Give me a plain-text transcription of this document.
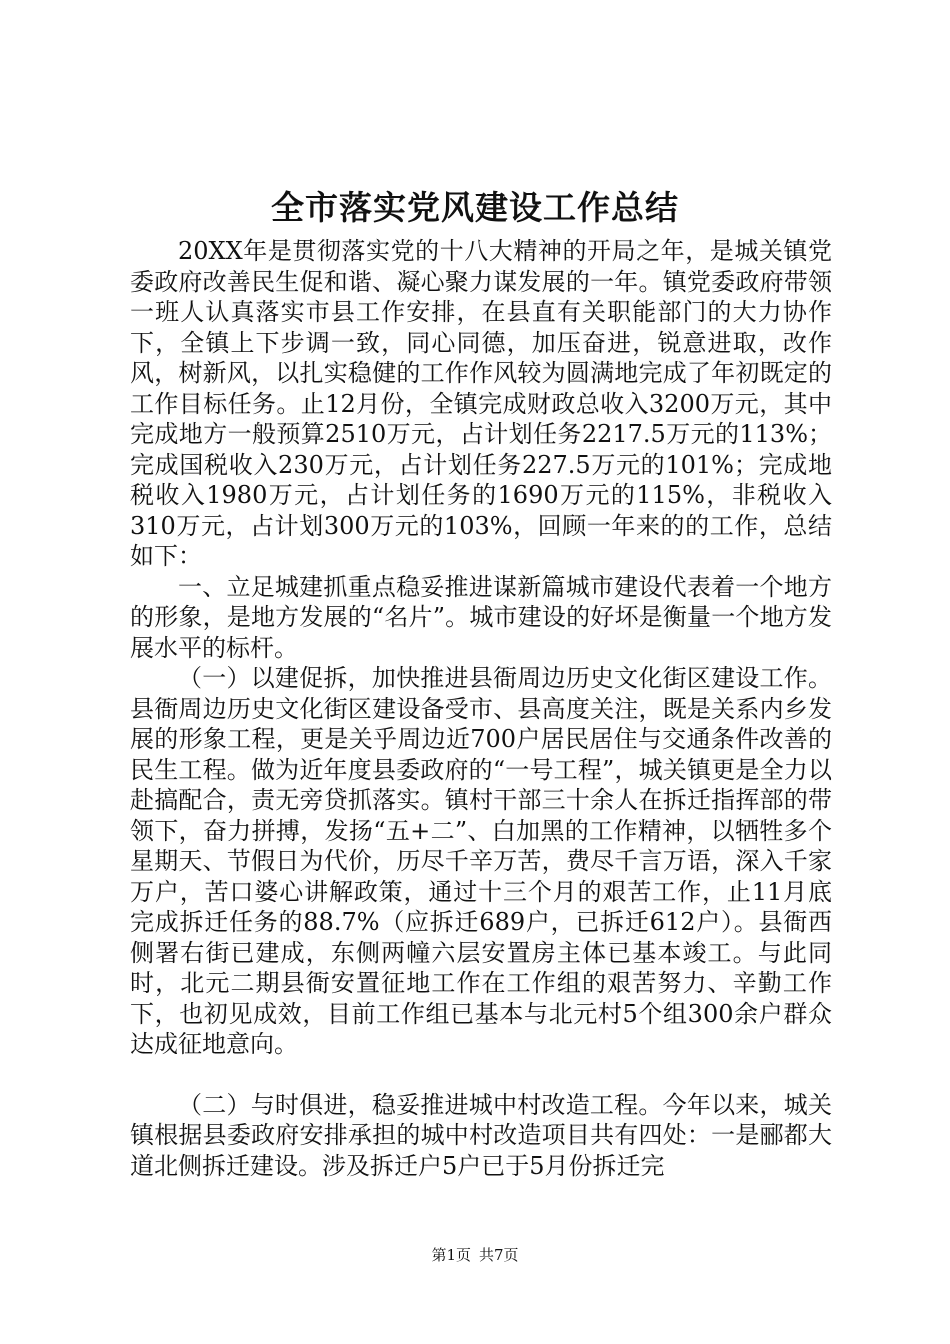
全市落实党风建设工作总结

20XX年是贯彻落实党的十八大精神的开局之年，是城关镇党委政府改善民生促和谐、凝心聚力谋发展的一年。镇党委政府带领一班人认真落实市县工作安排，在县直有关职能部门的大力协作下，全镇上下步调一致，同心同德，加压奋进，锐意进取，改作风，树新风，以扎实稳健的工作作风较为圆满地完成了年初既定的工作目标任务。止12月份，全镇完成财政总收入3200万元，其中完成地方一般预算2510万元，占计划任务2217.5万元的113%；完成国税收入230万元，占计划任务227.5万元的101%；完成地税收入1980万元，占计划任务的1690万元的115%，非税收入310万元，占计划300万元的103%，回顾一年来的的工作，总结如下：

一、立足城建抓重点稳妥推进谋新篇城市建设代表着一个地方的形象，是地方发展的“名片”。城市建设的好坏是衡量一个地方发展水平的标杆。

（一）以建促拆，加快推进县衙周边历史文化街区建设工作。县衙周边历史文化街区建设备受市、县高度关注，既是关系内乡发展的形象工程，更是关乎周边近700户居民居住与交通条件改善的民生工程。做为近年度县委政府的“一号工程”，城关镇更是全力以赴搞配合，责无旁贷抓落实。镇村干部三十余人在拆迁指挥部的带领下，奋力拼搏，发扬“五+二”、白加黑的工作精神，以牺牲多个星期天、节假日为代价，历尽千辛万苦，费尽千言万语，深入千家万户，苦口婆心讲解政策，通过十三个月的艰苦工作，止11月底完成拆迁任务的88.7%（应拆迁689户，已拆迁612户）。县衙西侧署右街已建成，东侧两幢六层安置房主体已基本竣工。与此同时，北元二期县衙安置征地工作在工作组的艰苦努力、辛勤工作下，也初见成效，目前工作组已基本与北元村5个组300余户群众达成征地意向。

（二）与时俱进，稳妥推进城中村改造工程。今年以来，城关镇根据县委政府安排承担的城中村改造项目共有四处：一是郦都大道北侧拆迁建设。涉及拆迁户5户已于5月份拆迁完

第1页 共7页
